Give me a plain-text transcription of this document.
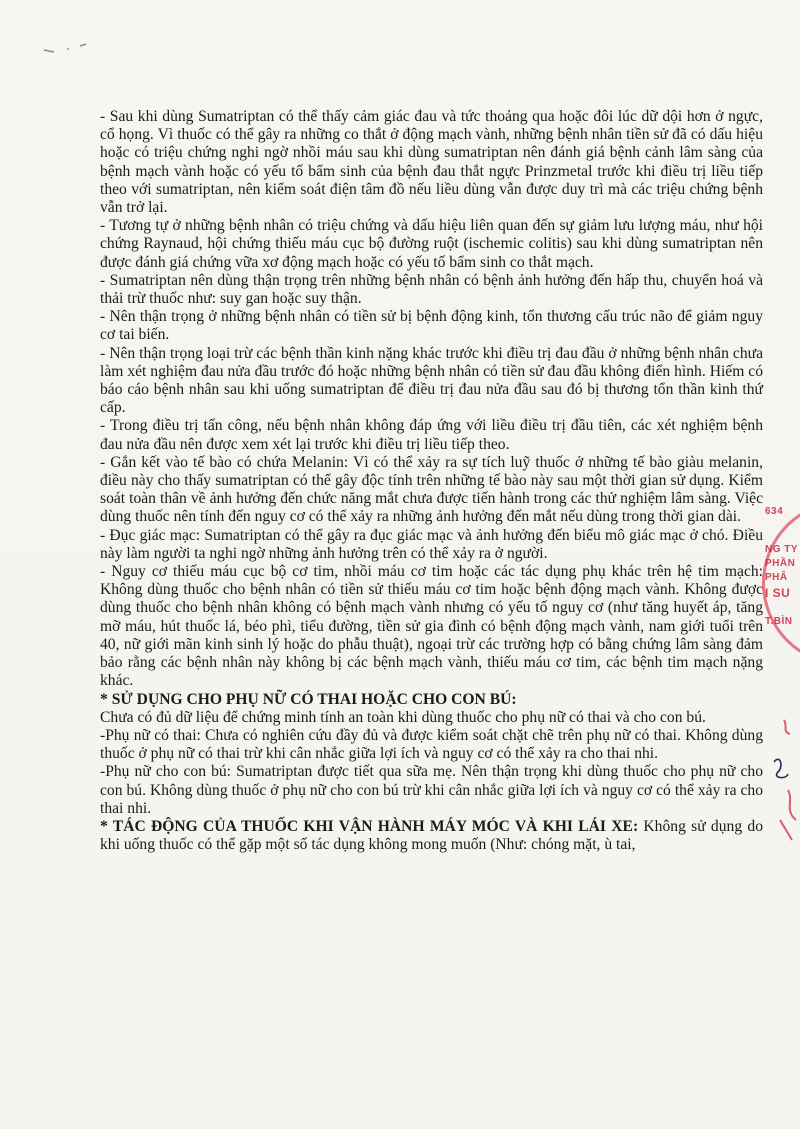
- Sau khi dùng Sumatriptan có thể thấy cảm giác đau và tức thoảng qua hoặc đôi lúc dữ dội hơn ở ngực, cổ họng. Vì thuốc có thể gây ra những co thắt ở động mạch vành, những bệnh nhân tiền sử đã có dấu hiệu hoặc có triệu chứng nghi ngờ nhồi máu sau khi dùng sumatriptan nên đánh giá bệnh cảnh lâm sàng của bệnh mạch vành hoặc có yếu tố bẩm sinh của bệnh đau thắt ngực Prinzmetal trước khi điều trị liều tiếp theo với sumatriptan, nên kiểm soát điện tâm đồ nếu liều dùng vẫn được duy trì mà các triệu chứng bệnh vẫn trở lại.

- Tương tự ở những bệnh nhân có triệu chứng và dấu hiệu liên quan đến sự giảm lưu lượng máu, như hội chứng Raynaud, hội chứng thiếu máu cục bộ đường ruột (ischemic colitis) sau khi dùng sumatriptan nên được đánh giá chứng vữa xơ động mạch hoặc có yếu tố bẩm sinh co thắt mạch.

- Sumatriptan nên dùng thận trọng trên những bệnh nhân có bệnh ảnh hưởng đến hấp thu, chuyển hoá và thải trừ thuốc như: suy gan hoặc suy thận.

- Nên thận trọng ở những bệnh nhân có tiền sử bị bệnh động kinh, tổn thương cấu trúc não để giảm nguy cơ tai biến.

- Nên thận trọng loại trừ các bệnh thần kinh nặng khác trước khi điều trị đau đầu ở những bệnh nhân chưa làm xét nghiệm đau nửa đầu trước đó hoặc những bệnh nhân có tiền sử đau đầu không điển hình. Hiếm có báo cáo bệnh nhân sau khi uống sumatriptan để điều trị đau nửa đầu sau đó bị thương tổn thần kinh thứ cấp.

- Trong điều trị tấn công, nếu bệnh nhân không đáp ứng với liều điều trị đầu tiên, các xét nghiệm bệnh đau nửa đầu nên được xem xét lại trước khi điều trị liều tiếp theo.

- Gắn kết vào tế bào có chứa Melanin: Vì có thể xảy ra sự tích luỹ thuốc ở những tế bào giàu melanin, điều này cho thấy sumatriptan có thể gây độc tính trên những tế bào này sau một thời gian sử dụng. Kiểm soát toàn thân về ảnh hưởng đến chức năng mắt chưa được tiến hành trong các thử nghiệm lâm sàng. Việc dùng thuốc nên tính đến nguy cơ có thể xảy ra những ảnh hưởng đến mắt nếu dùng trong thời gian dài.

- Đục giác mạc: Sumatriptan có thể gây ra đục giác mạc và ảnh hưởng đến biểu mô giác mạc ở chó. Điều này làm người ta nghi ngờ những ảnh hưởng trên có thể xảy ra ở người.

- Nguy cơ thiếu máu cục bộ cơ tim, nhồi máu cơ tim hoặc các tác dụng phụ khác trên hệ tim mạch: Không dùng thuốc cho bệnh nhân có tiền sử thiếu máu cơ tim hoặc bệnh động mạch vành. Không được dùng thuốc cho bệnh nhân không có bệnh mạch vành nhưng có yếu tố nguy cơ (như tăng huyết áp, tăng mỡ máu, hút thuốc lá, béo phì, tiểu đường, tiền sử gia đình có bệnh động mạch vành, nam giới tuổi trên 40, nữ giới mãn kinh sinh lý hoặc do phẫu thuật), ngoại trừ các trường hợp có bằng chứng lâm sàng đảm bảo rằng các bệnh nhân này không bị các bệnh mạch vành, thiếu máu cơ tim, các bệnh tim mạch nặng khác.

* SỬ DỤNG CHO PHỤ NỮ CÓ THAI HOẶC CHO CON BÚ:

Chưa có đủ dữ liệu để chứng minh tính an toàn khi dùng thuốc cho phụ nữ có thai và cho con bú.

-Phụ nữ có thai: Chưa có nghiên cứu đầy đủ và được kiểm soát chặt chẽ trên phụ nữ có thai. Không dùng thuốc ở phụ nữ có thai trừ khi cân nhắc giữa lợi ích và nguy cơ có thể xảy ra cho thai nhi.

-Phụ nữ cho con bú: Sumatriptan được tiết qua sữa mẹ. Nên thận trọng khi dùng thuốc cho phụ nữ cho con bú. Không dùng thuốc ở phụ nữ cho con bú trừ khi cân nhắc giữa lợi ích và nguy cơ có thể xảy ra cho thai nhi.

* TÁC ĐỘNG CỦA THUỐC KHI VẬN HÀNH MÁY MÓC VÀ KHI LÁI XE: Không sử dụng do khi uống thuốc có thể gặp một số tác dụng không mong muốn (Như: chóng mặt, ù tai,

634
NG TY
PHẦN
PHÂ
I SU
T.BÌN
